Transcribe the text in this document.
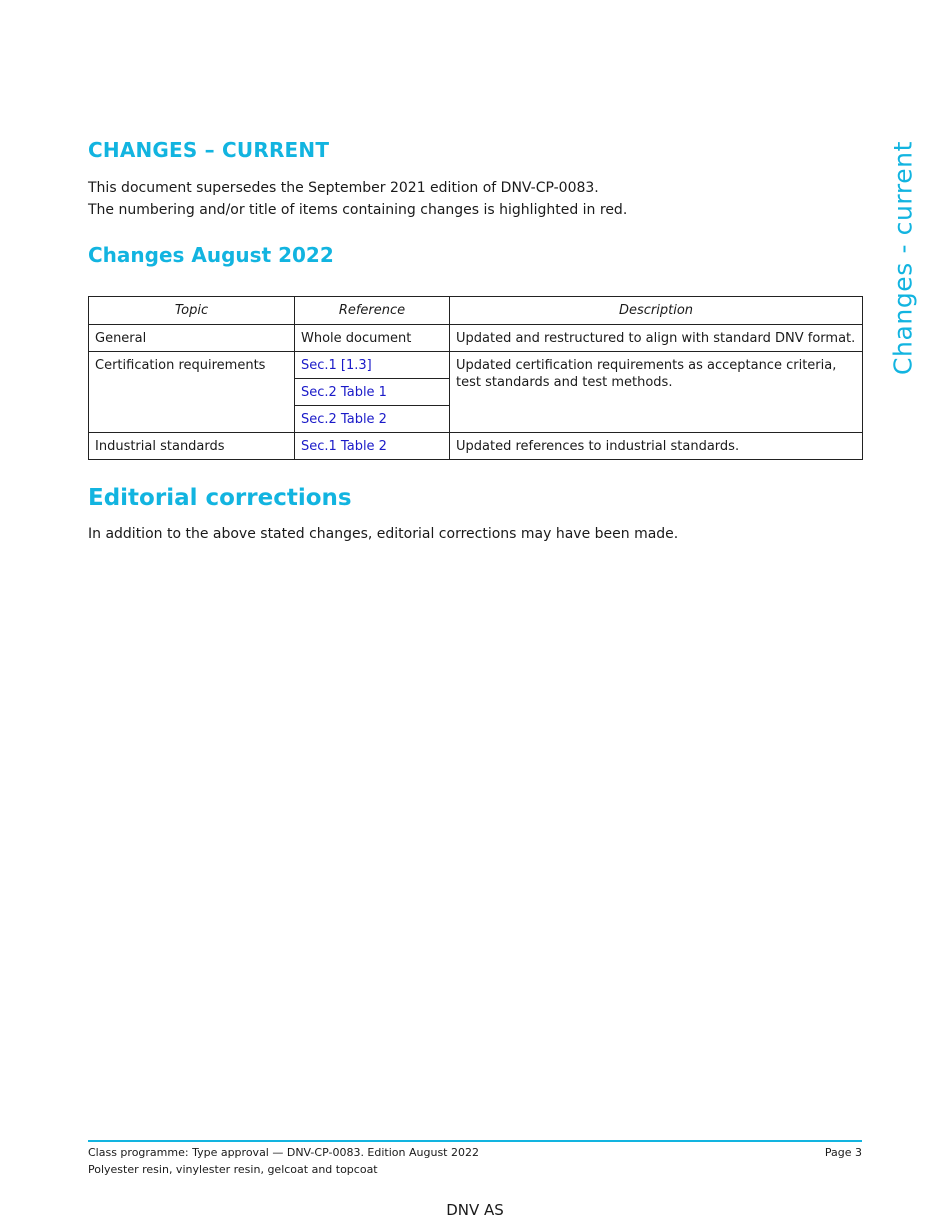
CHANGES – CURRENT

This document supersedes the September 2021 edition of DNV-CP-0083.

The numbering and/or title of items containing changes is highlighted in red.

Changes August 2022
Topic	Reference	Description
General	Whole document	Updated and restructured to align with standard DNV format.
Certification requirements	Sec.1 [1.3]	Updated certification requirements as acceptance criteria, test standards and test methods.
	Sec.2 Table 1	
	Sec.2 Table 2	
Industrial standards	Sec.1 Table 2	Updated references to industrial standards.
Editorial corrections

In addition to the above stated changes, editorial corrections may have been made.

Changes - current
Class programme: Type approval — DNV-CP-0083. Edition August 2022
Polyester resin, vinylester resin, gelcoat and topcoat
Page 3
DNV AS
